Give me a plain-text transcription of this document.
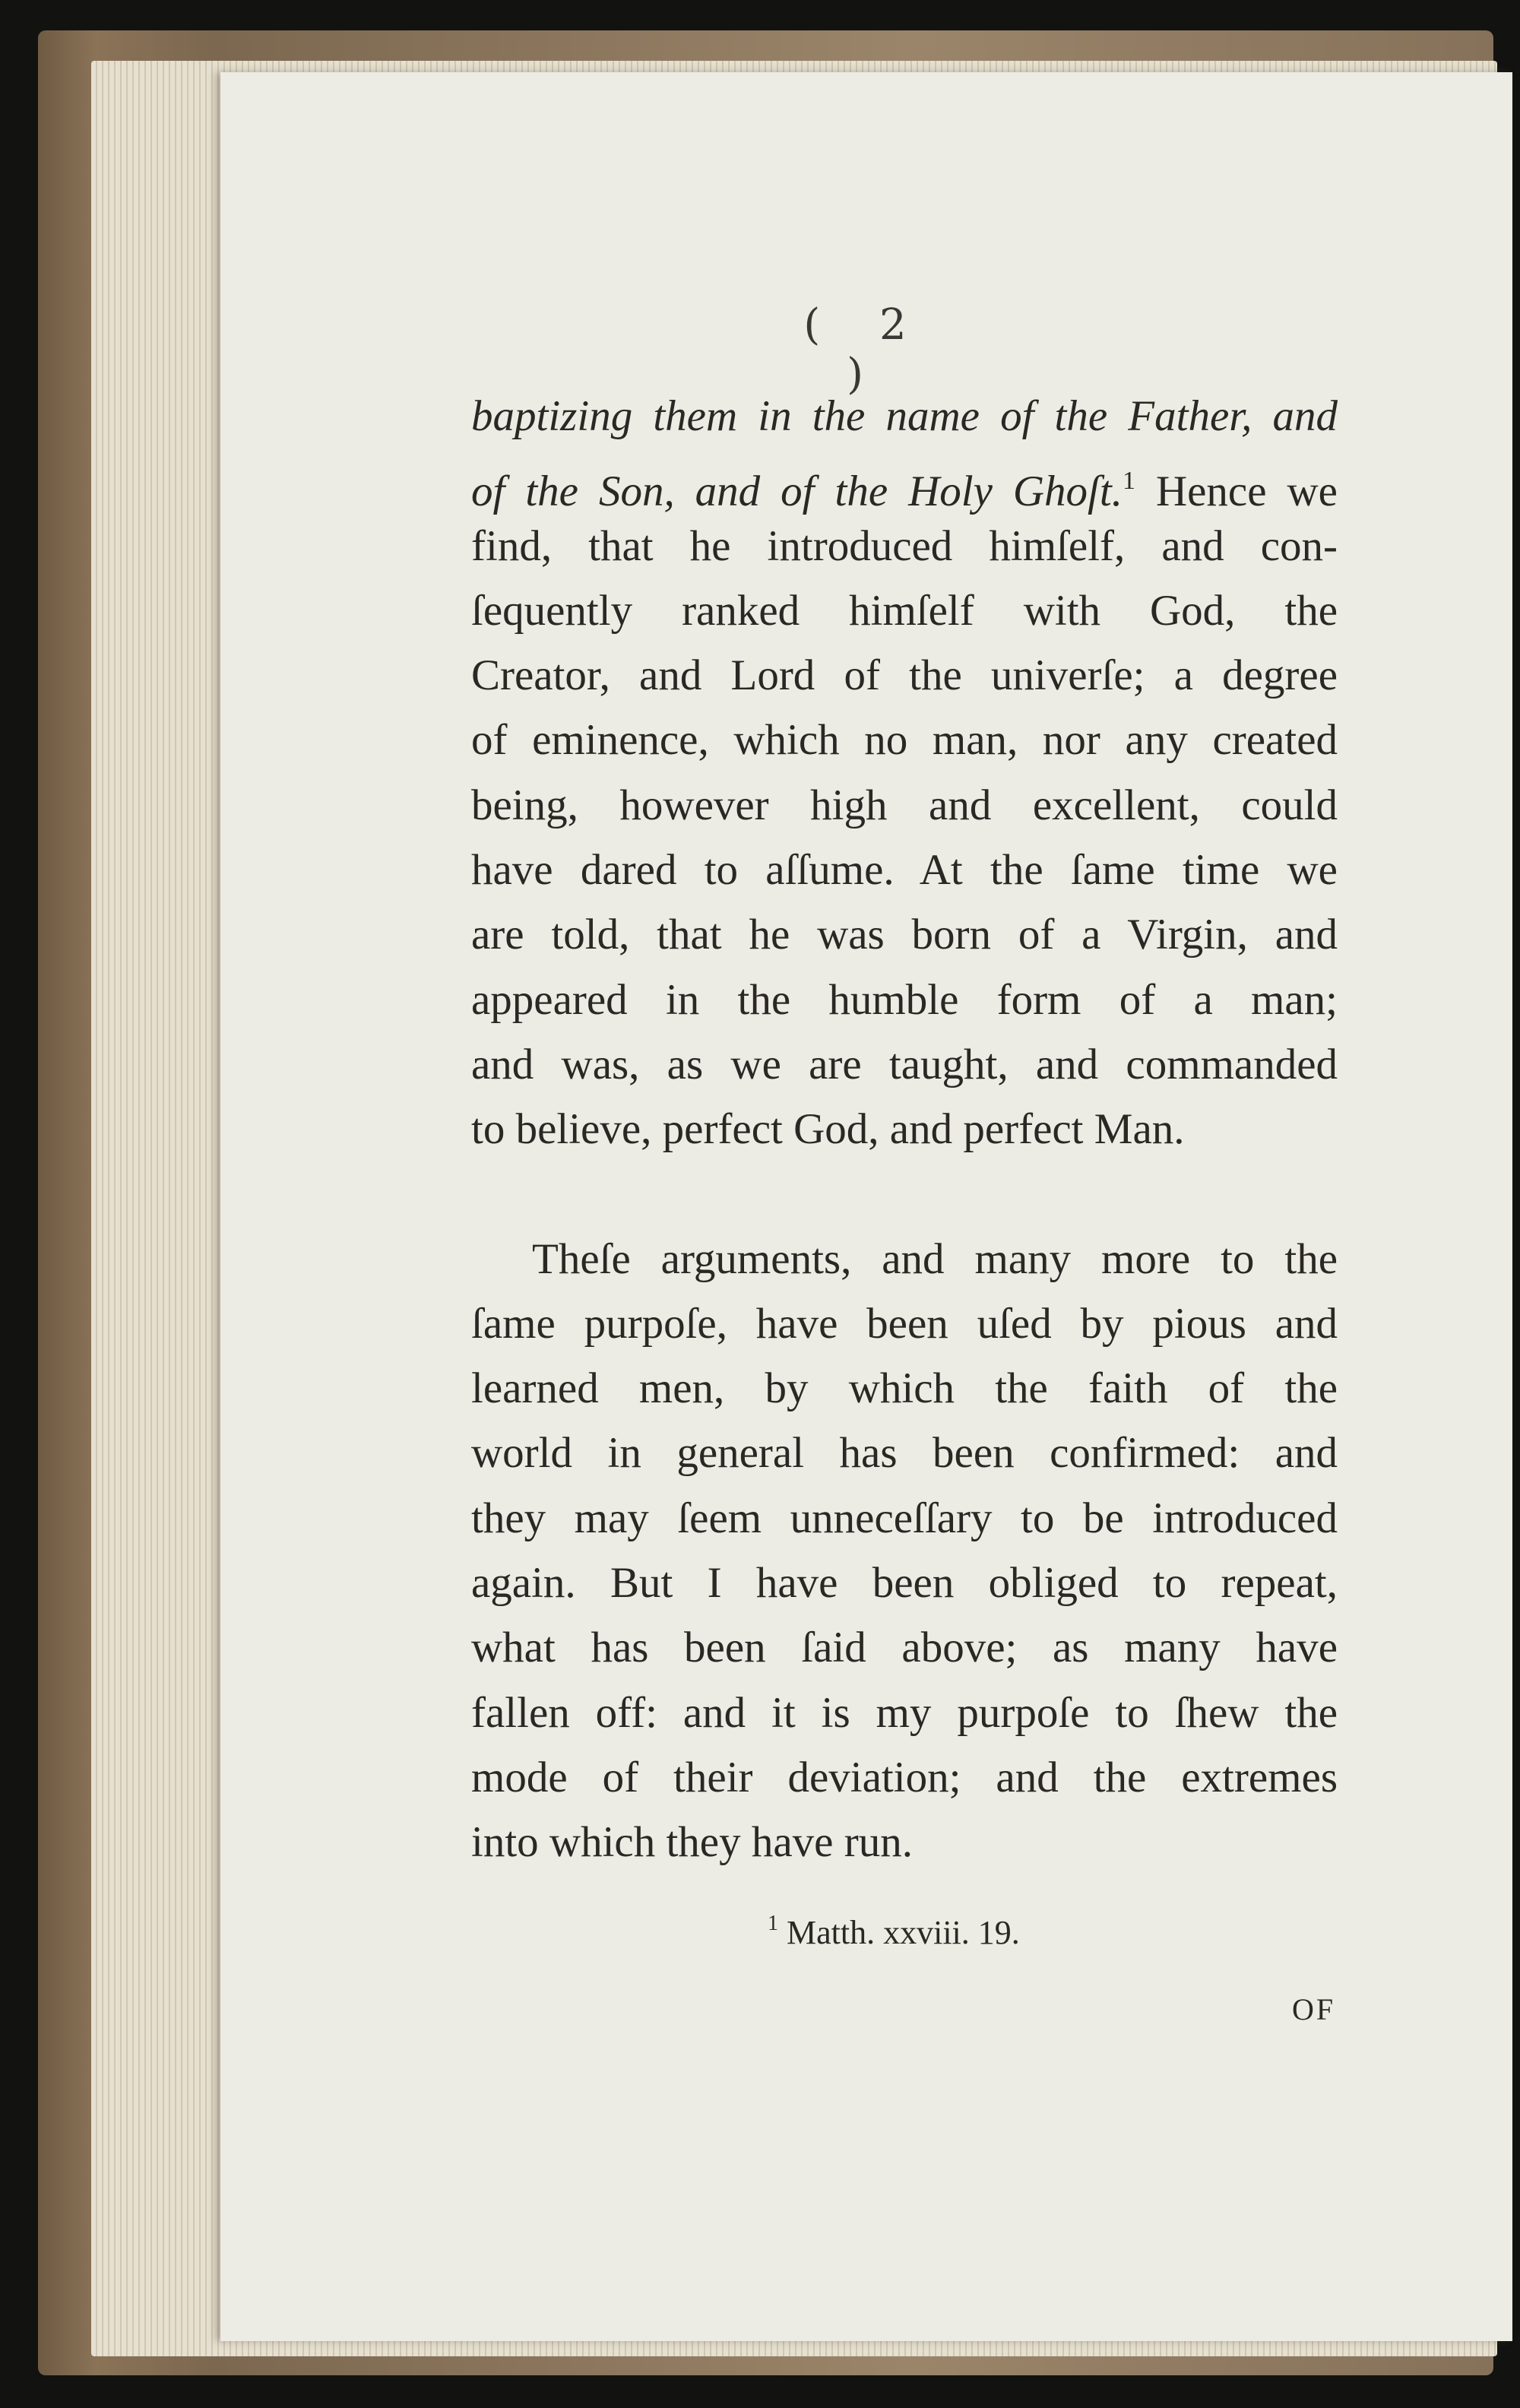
( 2 )
baptizing them in the name of the Father, and
of the Son, and of the Holy Ghoſt.$^1$ Hence we
find, that he introduced himſelf, and con-
ſequently ranked himſelf with God, the
Creator, and Lord of the univerſe; a degree
of eminence, which no man, nor any created
being, however high and excellent, could
have dared to aſſume. At the ſame time we
are told, that he was born of a Virgin, and
appeared in the humble form of a man;
and was, as we are taught, and commanded
to believe, perfect God, and perfect Man.
Theſe arguments, and many more to the
ſame purpoſe, have been uſed by pious and
learned men, by which the faith of the
world in general has been confirmed: and
they may ſeem unneceſſary to be introduced
again. But I have been obliged to repeat,
what has been ſaid above; as many have
fallen off: and it is my purpoſe to ſhew the
mode of their deviation; and the extremes
into which they have run.
$^1$ Matth. xxviii. 19.
OF
